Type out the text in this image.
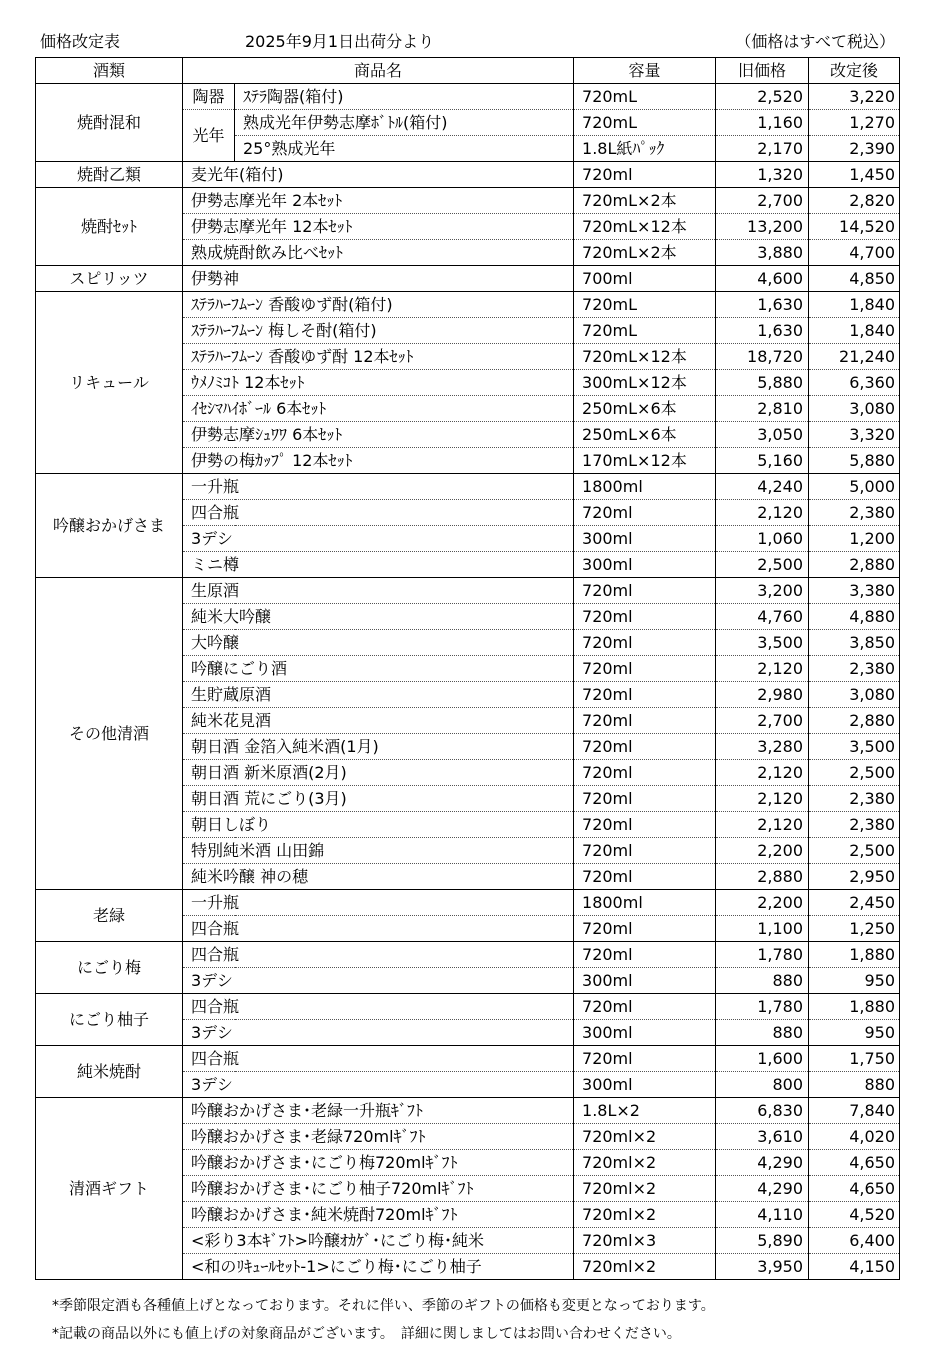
価格改定表	2025年9月1日出荷分より	（価格はすべて税込）
酒類	商品名		容量	旧価格	改定後
焼酎混和	陶器	ｽﾃﾗ陶器(箱付)	720mL	2,520	3,220
	光年	熟成光年伊勢志摩ﾎﾞﾄﾙ(箱付)	720mL	1,160	1,270
		25°熟成光年	1.8L紙ﾊﾟｯｸ	2,170	2,390
焼酎乙類	麦光年(箱付)		720ml	1,320	1,450
焼酎ｾｯﾄ	伊勢志摩光年 2本ｾｯﾄ		720mL×2本	2,700	2,820
	伊勢志摩光年 12本ｾｯﾄ		720mL×12本	13,200	14,520
	熟成焼酎飲み比べｾｯﾄ		720mL×2本	3,880	4,700
スピリッツ	伊勢神		700ml	4,600	4,850
リキュール	ｽﾃﾗﾊｰﾌﾑｰﾝ 香酸ゆず酎(箱付)		720mL	1,630	1,840
	ｽﾃﾗﾊｰﾌﾑｰﾝ 梅しそ酎(箱付)		720mL	1,630	1,840
	ｽﾃﾗﾊｰﾌﾑｰﾝ 香酸ゆず酎 12本ｾｯﾄ		720mL×12本	18,720	21,240
	ｳﾒﾉﾐｺﾄ 12本ｾｯﾄ		300mL×12本	5,880	6,360
	ｲｾｼﾏﾊｲﾎﾞｰﾙ 6本ｾｯﾄ		250mL×6本	2,810	3,080
	伊勢志摩ｼｭﾜﾜ 6本ｾｯﾄ		250mL×6本	3,050	3,320
	伊勢の梅ｶｯﾌﾟ 12本ｾｯﾄ		170mL×12本	5,160	5,880
吟醸おかげさま	一升瓶		1800ml	4,240	5,000
	四合瓶		720ml	2,120	2,380
	3デシ		300ml	1,060	1,200
	ミニ樽		300ml	2,500	2,880
その他清酒	生原酒		720ml	3,200	3,380
	純米大吟醸		720ml	4,760	4,880
	大吟醸		720ml	3,500	3,850
	吟醸にごり酒		720ml	2,120	2,380
	生貯蔵原酒		720ml	2,980	3,080
	純米花見酒		720ml	2,700	2,880
	朝日酒 金箔入純米酒(1月)		720ml	3,280	3,500
	朝日酒 新米原酒(2月)		720ml	2,120	2,500
	朝日酒 荒にごり(3月)		720ml	2,120	2,380
	朝日しぼり		720ml	2,120	2,380
	特別純米酒 山田錦		720ml	2,200	2,500
	純米吟醸 神の穂		720ml	2,880	2,950
老緑	一升瓶		1800ml	2,200	2,450
	四合瓶		720ml	1,100	1,250
にごり梅	四合瓶		720ml	1,780	1,880
	3デシ		300ml	880	950
にごり柚子	四合瓶		720ml	1,780	1,880
	3デシ		300ml	880	950
純米焼酎	四合瓶		720ml	1,600	1,750
	3デシ		300ml	800	880
清酒ギフト	吟醸おかげさま･老緑一升瓶ｷﾞﾌﾄ		1.8L×2	6,830	7,840
	吟醸おかげさま･老緑720mlｷﾞﾌﾄ		720ml×2	3,610	4,020
	吟醸おかげさま･にごり梅720mlｷﾞﾌﾄ		720ml×2	4,290	4,650
	吟醸おかげさま･にごり柚子720mlｷﾞﾌﾄ		720ml×2	4,290	4,650
	吟醸おかげさま･純米焼酎720mlｷﾞﾌﾄ		720ml×2	4,110	4,520
	<彩り3本ｷﾞﾌﾄ>吟醸ｵｶｹﾞ･にごり梅･純米		720ml×3	5,890	6,400
	<和のﾘｷｭｰﾙｾｯﾄ-1>にごり梅･にごり柚子		720ml×2	3,950	4,150
*季節限定酒も各種値上げとなっております。それに伴い、季節のギフトの価格も変更となっております。
*記載の商品以外にも値上げの対象商品がございます。　詳細に関しましてはお問い合わせください。
